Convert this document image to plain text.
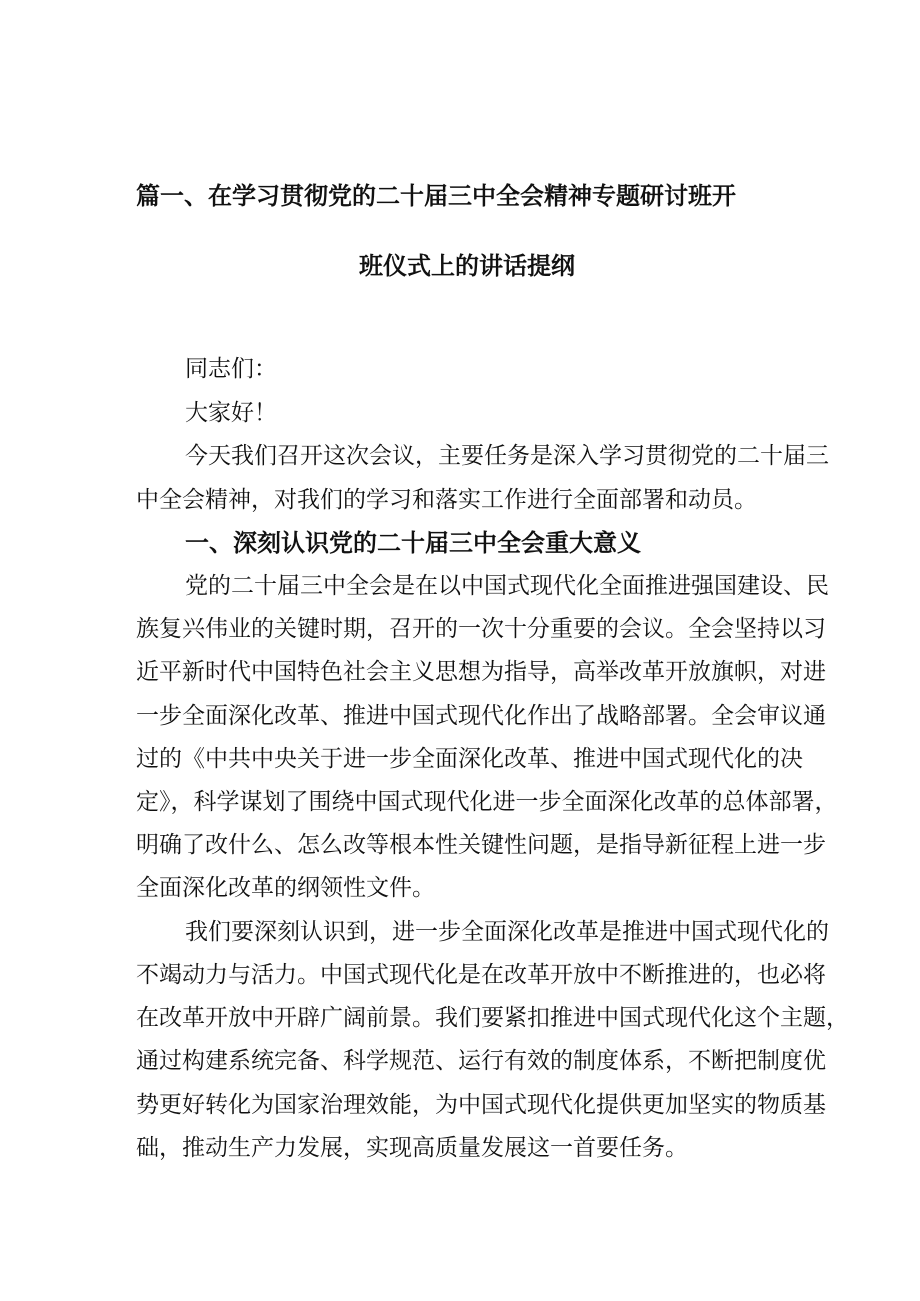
篇一、在学习贯彻党的二十届三中全会精神专题研讨班开
班仪式上的讲话提纲
同志们：
大家好！
今天我们召开这次会议，主要任务是深入学习贯彻党的二十届三
中全会精神，对我们的学习和落实工作进行全面部署和动员。
一、深刻认识党的二十届三中全会重大意义
党的二十届三中全会是在以中国式现代化全面推进强国建设、民
族复兴伟业的关键时期，召开的一次十分重要的会议。全会坚持以习
近平新时代中国特色社会主义思想为指导，高举改革开放旗帜，对进
一步全面深化改革、推进中国式现代化作出了战略部署。全会审议通
过的《中共中央关于进一步全面深化改革、推进中国式现代化的决
定》，科学谋划了围绕中国式现代化进一步全面深化改革的总体部署，
明确了改什么、怎么改等根本性关键性问题，是指导新征程上进一步
全面深化改革的纲领性文件。
我们要深刻认识到，进一步全面深化改革是推进中国式现代化的
不竭动力与活力。中国式现代化是在改革开放中不断推进的，也必将
在改革开放中开辟广阔前景。我们要紧扣推进中国式现代化这个主题，
通过构建系统完备、科学规范、运行有效的制度体系，不断把制度优
势更好转化为国家治理效能，为中国式现代化提供更加坚实的物质基
础，推动生产力发展，实现高质量发展这一首要任务。
